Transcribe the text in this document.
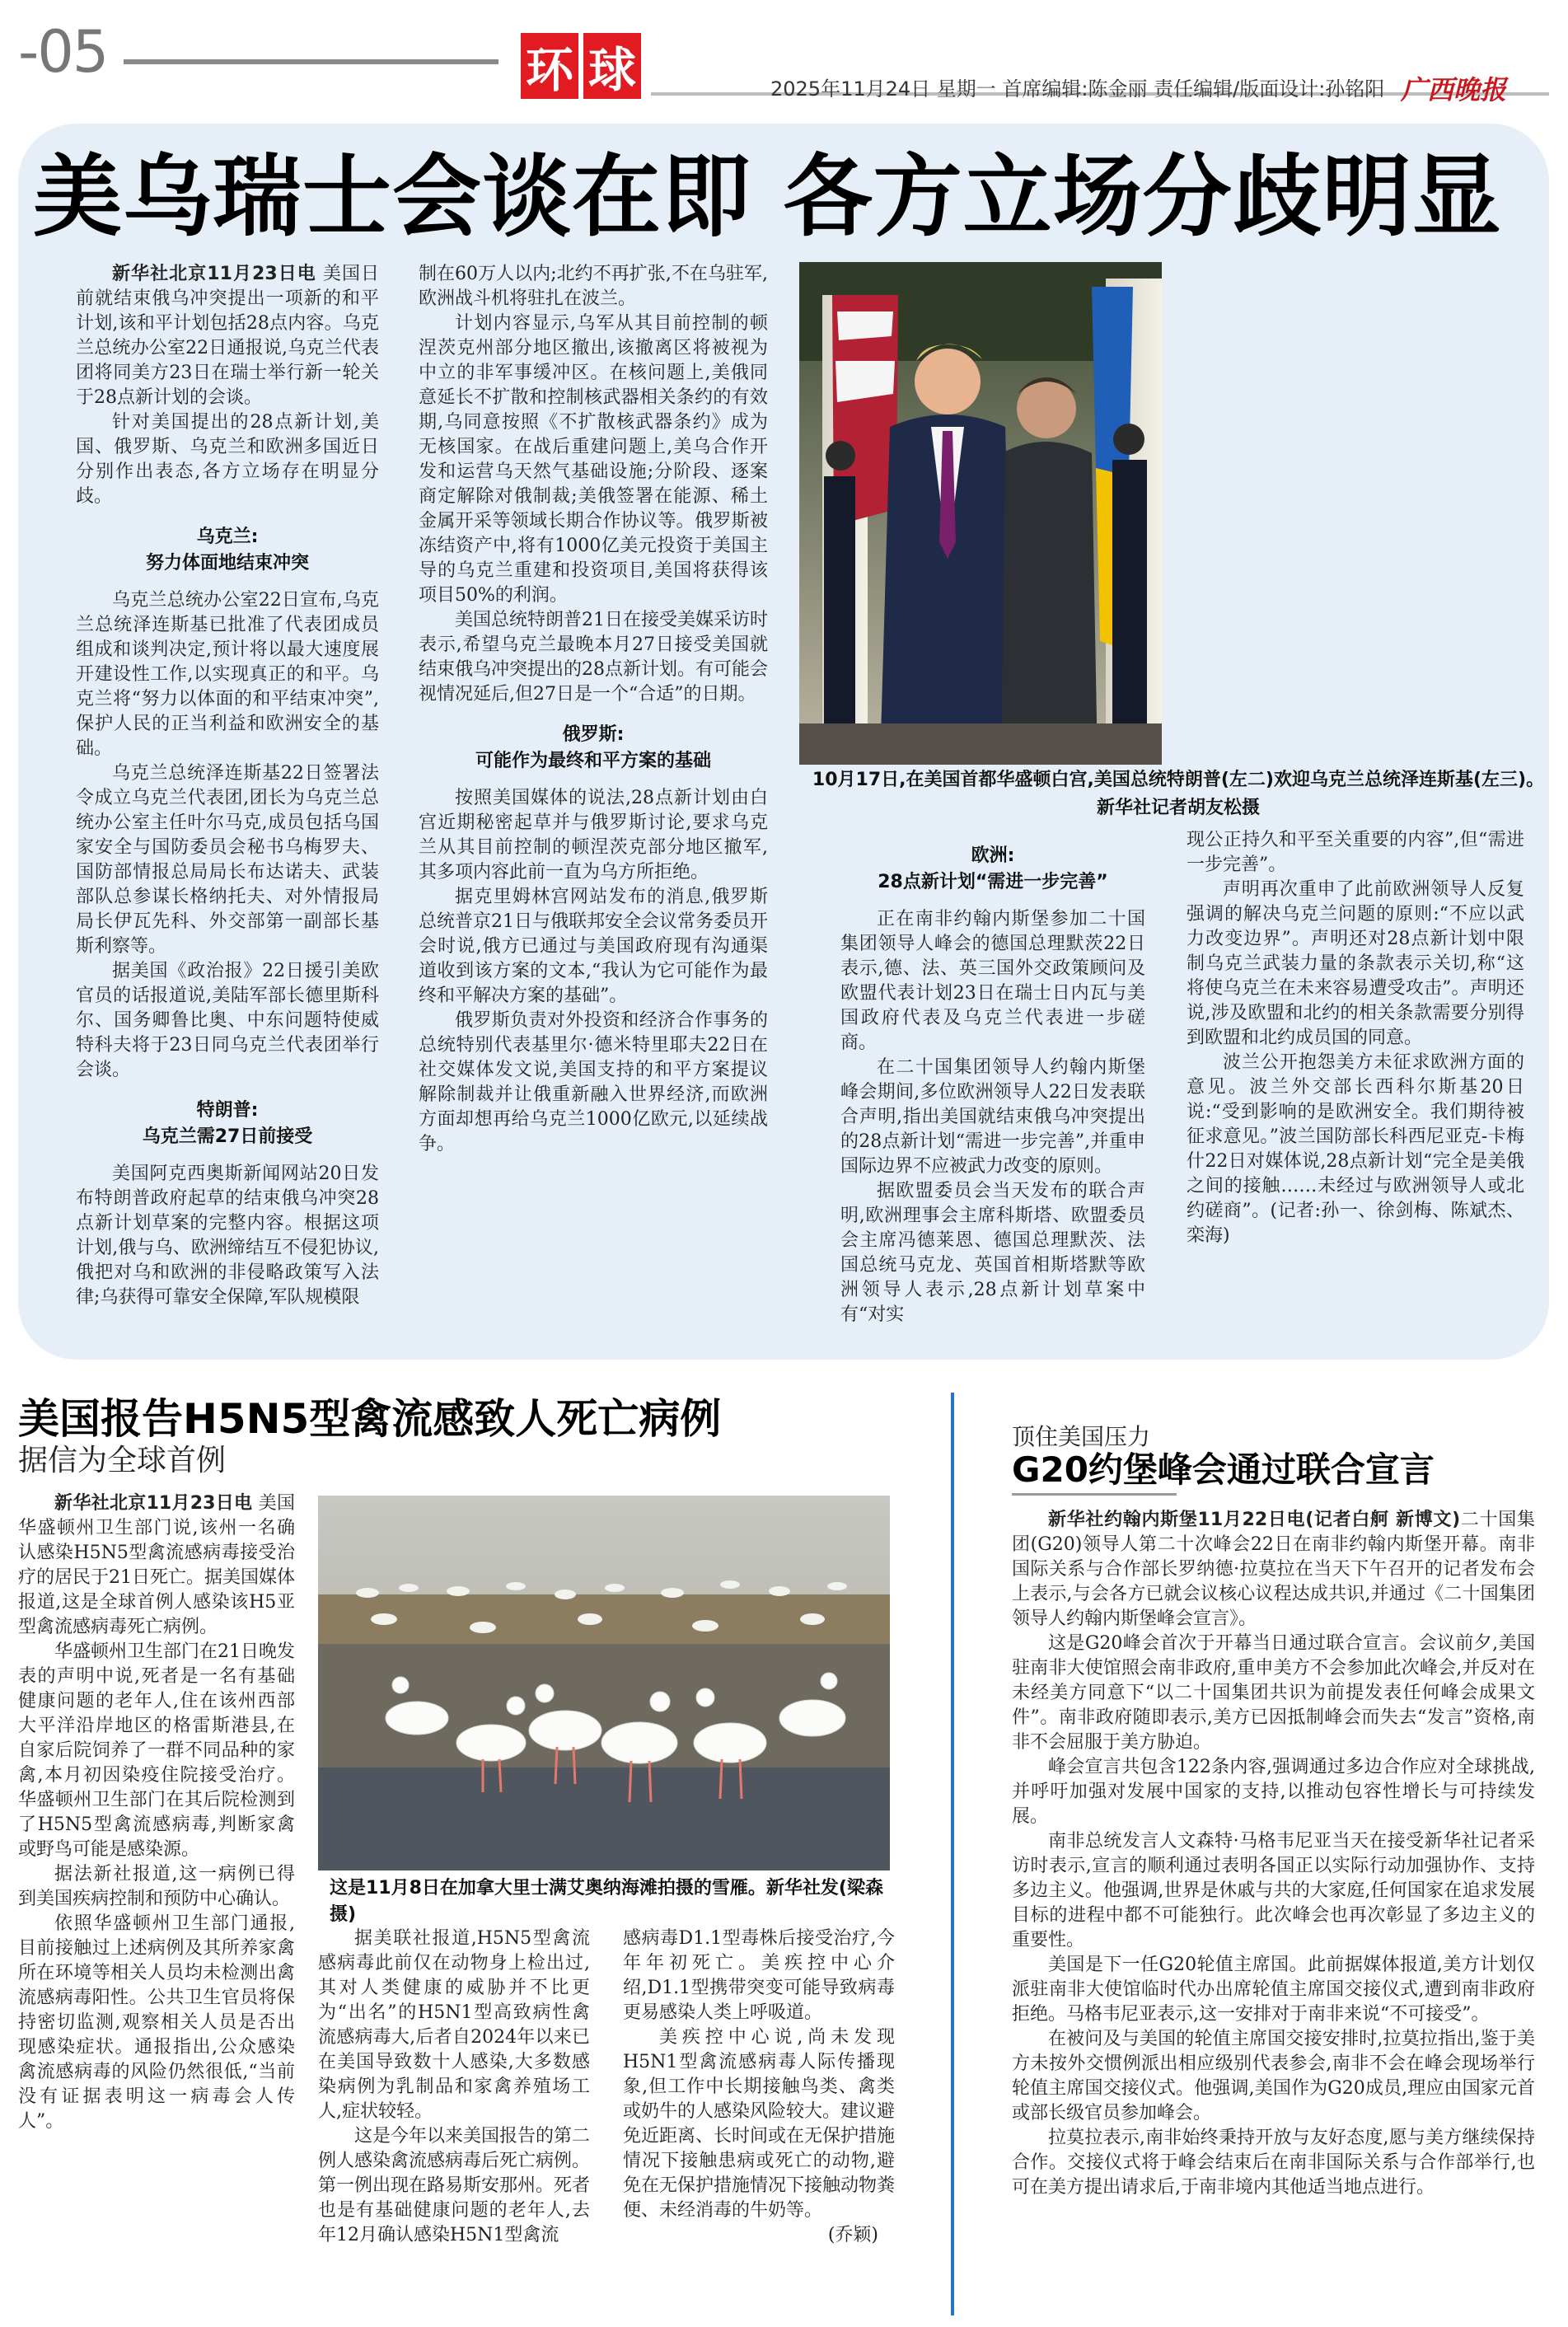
-05	环 球	2025年11月24日 星期一 首席编辑:陈金丽 责任编辑/版面设计:孙铭阳 广西晚报
美乌瑞士会谈在即 各方立场分歧明显

新华社北京11月23日电 美国日前就结束俄乌冲突提出一项新的和平计划,该和平计划包括28点内容。乌克兰总统办公室22日通报说,乌克兰代表团将同美方23日在瑞士举行新一轮关于28点新计划的会谈。

针对美国提出的28点新计划,美国、俄罗斯、乌克兰和欧洲多国近日分别作出表态,各方立场存在明显分歧。

乌克兰:
努力体面地结束冲突

乌克兰总统办公室22日宣布,乌克兰总统泽连斯基已批准了代表团成员组成和谈判决定,预计将以最大速度展开建设性工作,以实现真正的和平。乌克兰将“努力以体面的和平结束冲突”,保护人民的正当利益和欧洲安全的基础。

乌克兰总统泽连斯基22日签署法令成立乌克兰代表团,团长为乌克兰总统办公室主任叶尔马克,成员包括乌国家安全与国防委员会秘书乌梅罗夫、国防部情报总局局长布达诺夫、武装部队总参谋长格纳托夫、对外情报局局长伊瓦先科、外交部第一副部长基斯利察等。

据美国《政治报》22日援引美欧官员的话报道说,美陆军部长德里斯科尔、国务卿鲁比奥、中东问题特使威特科夫将于23日同乌克兰代表团举行会谈。

特朗普:
乌克兰需27日前接受

美国阿克西奥斯新闻网站20日发布特朗普政府起草的结束俄乌冲突28点新计划草案的完整内容。根据这项计划,俄与乌、欧洲缔结互不侵犯协议,俄把对乌和欧洲的非侵略政策写入法律;乌获得可靠安全保障,军队规模限

制在60万人以内;北约不再扩张,不在乌驻军,欧洲战斗机将驻扎在波兰。

计划内容显示,乌军从其目前控制的顿涅茨克州部分地区撤出,该撤离区将被视为中立的非军事缓冲区。在核问题上,美俄同意延长不扩散和控制核武器相关条约的有效期,乌同意按照《不扩散核武器条约》成为无核国家。在战后重建问题上,美乌合作开发和运营乌天然气基础设施;分阶段、逐案商定解除对俄制裁;美俄签署在能源、稀土金属开采等领域长期合作协议等。俄罗斯被冻结资产中,将有1000亿美元投资于美国主导的乌克兰重建和投资项目,美国将获得该项目50%的利润。

美国总统特朗普21日在接受美媒采访时表示,希望乌克兰最晚本月27日接受美国就结束俄乌冲突提出的28点新计划。有可能会视情况延后,但27日是一个“合适”的日期。

俄罗斯:
可能作为最终和平方案的基础

按照美国媒体的说法,28点新计划由白宫近期秘密起草并与俄罗斯讨论,要求乌克兰从其目前控制的顿涅茨克部分地区撤军,其多项内容此前一直为乌方所拒绝。

据克里姆林宫网站发布的消息,俄罗斯总统普京21日与俄联邦安全会议常务委员开会时说,俄方已通过与美国政府现有沟通渠道收到该方案的文本,“我认为它可能作为最终和平解决方案的基础”。

俄罗斯负责对外投资和经济合作事务的总统特别代表基里尔·德米特里耶夫22日在社交媒体发文说,美国支持的和平方案提议解除制裁并让俄重新融入世界经济,而欧洲方面却想再给乌克兰1000亿欧元,以延续战争。

10月17日,在美国首都华盛顿白宫,美国总统特朗普(左二)欢迎乌克兰总统泽连斯基(左三)。新华社记者胡友松摄
欧洲:
28点新计划“需进一步完善”

正在南非约翰内斯堡参加二十国集团领导人峰会的德国总理默茨22日表示,德、法、英三国外交政策顾问及欧盟代表计划23日在瑞士日内瓦与美国政府代表及乌克兰代表进一步磋商。

在二十国集团领导人约翰内斯堡峰会期间,多位欧洲领导人22日发表联合声明,指出美国就结束俄乌冲突提出的28点新计划“需进一步完善”,并重申国际边界不应被武力改变的原则。

据欧盟委员会当天发布的联合声明,欧洲理事会主席科斯塔、欧盟委员会主席冯德莱恩、德国总理默茨、法国总统马克龙、英国首相斯塔默等欧洲领导人表示,28点新计划草案中有“对实

现公正持久和平至关重要的内容”,但“需进一步完善”。

声明再次重申了此前欧洲领导人反复强调的解决乌克兰问题的原则:“不应以武力改变边界”。声明还对28点新计划中限制乌克兰武装力量的条款表示关切,称“这将使乌克兰在未来容易遭受攻击”。声明还说,涉及欧盟和北约的相关条款需要分别得到欧盟和北约成员国的同意。

波兰公开抱怨美方未征求欧洲方面的意见。波兰外交部长西科尔斯基20日说:“受到影响的是欧洲安全。我们期待被征求意见。”波兰国防部长科西尼亚克-卡梅什22日对媒体说,28点新计划“完全是美俄之间的接触……未经过与欧洲领导人或北约磋商”。(记者:孙一、徐剑梅、陈斌杰、栾海)

美国报告H5N5型禽流感致人死亡病例
据信为全球首例

新华社北京11月23日电 美国华盛顿州卫生部门说,该州一名确认感染H5N5型禽流感病毒接受治疗的居民于21日死亡。据美国媒体报道,这是全球首例人感染该H5亚型禽流感病毒死亡病例。

华盛顿州卫生部门在21日晚发表的声明中说,死者是一名有基础健康问题的老年人,住在该州西部大平洋沿岸地区的格雷斯港县,在自家后院饲养了一群不同品种的家禽,本月初因染疫住院接受治疗。华盛顿州卫生部门在其后院检测到了H5N5型禽流感病毒,判断家禽或野鸟可能是感染源。

据法新社报道,这一病例已得到美国疾病控制和预防中心确认。

依照华盛顿州卫生部门通报,目前接触过上述病例及其所养家禽所在环境等相关人员均未检测出禽流感病毒阳性。公共卫生官员将保持密切监测,观察相关人员是否出现感染症状。通报指出,公众感染禽流感病毒的风险仍然很低,“当前没有证据表明这一病毒会人传人”。

这是11月8日在加拿大里士满艾奥纳海滩拍摄的雪雁。新华社发(梁森摄)

据美联社报道,H5N5型禽流感病毒此前仅在动物身上检出过,其对人类健康的威胁并不比更为“出名”的H5N1型高致病性禽流感病毒大,后者自2024年以来已在美国导致数十人感染,大多数感染病例为乳制品和家禽养殖场工人,症状较轻。

这是今年以来美国报告的第二例人感染禽流感病毒后死亡病例。第一例出现在路易斯安那州。死者也是有基础健康问题的老年人,去年12月确认感染H5N1型禽流

感病毒D1.1型毒株后接受治疗,今年年初死亡。美疾控中心介绍,D1.1型携带突变可能导致病毒更易感染人类上呼吸道。

美疾控中心说,尚未发现H5N1型禽流感病毒人际传播现象,但工作中长期接触鸟类、禽类或奶牛的人感染风险较大。建议避免近距离、长时间或在无保护措施情况下接触患病或死亡的动物,避免在无保护措施情况下接触动物粪便、未经消毒的牛奶等。

(乔颖)

顶住美国压力
G20约堡峰会通过联合宣言

新华社约翰内斯堡11月22日电(记者白舸 新博文)二十国集团(G20)领导人第二十次峰会22日在南非约翰内斯堡开幕。南非国际关系与合作部长罗纳德·拉莫拉在当天下午召开的记者发布会上表示,与会各方已就会议核心议程达成共识,并通过《二十国集团领导人约翰内斯堡峰会宣言》。

这是G20峰会首次于开幕当日通过联合宣言。会议前夕,美国驻南非大使馆照会南非政府,重申美方不会参加此次峰会,并反对在未经美方同意下“以二十国集团共识为前提发表任何峰会成果文件”。南非政府随即表示,美方已因抵制峰会而失去“发言”资格,南非不会屈服于美方胁迫。

峰会宣言共包含122条内容,强调通过多边合作应对全球挑战,并呼吁加强对发展中国家的支持,以推动包容性增长与可持续发展。

南非总统发言人文森特·马格韦尼亚当天在接受新华社记者采访时表示,宣言的顺利通过表明各国正以实际行动加强协作、支持多边主义。他强调,世界是休戚与共的大家庭,任何国家在追求发展目标的进程中都不可能独行。此次峰会也再次彰显了多边主义的重要性。

美国是下一任G20轮值主席国。此前据媒体报道,美方计划仅派驻南非大使馆临时代办出席轮值主席国交接仪式,遭到南非政府拒绝。马格韦尼亚表示,这一安排对于南非来说“不可接受”。

在被问及与美国的轮值主席国交接安排时,拉莫拉指出,鉴于美方未按外交惯例派出相应级别代表参会,南非不会在峰会现场举行轮值主席国交接仪式。他强调,美国作为G20成员,理应由国家元首或部长级官员参加峰会。

拉莫拉表示,南非始终秉持开放与友好态度,愿与美方继续保持合作。交接仪式将于峰会结束后在南非国际关系与合作部举行,也可在美方提出请求后,于南非境内其他适当地点进行。
